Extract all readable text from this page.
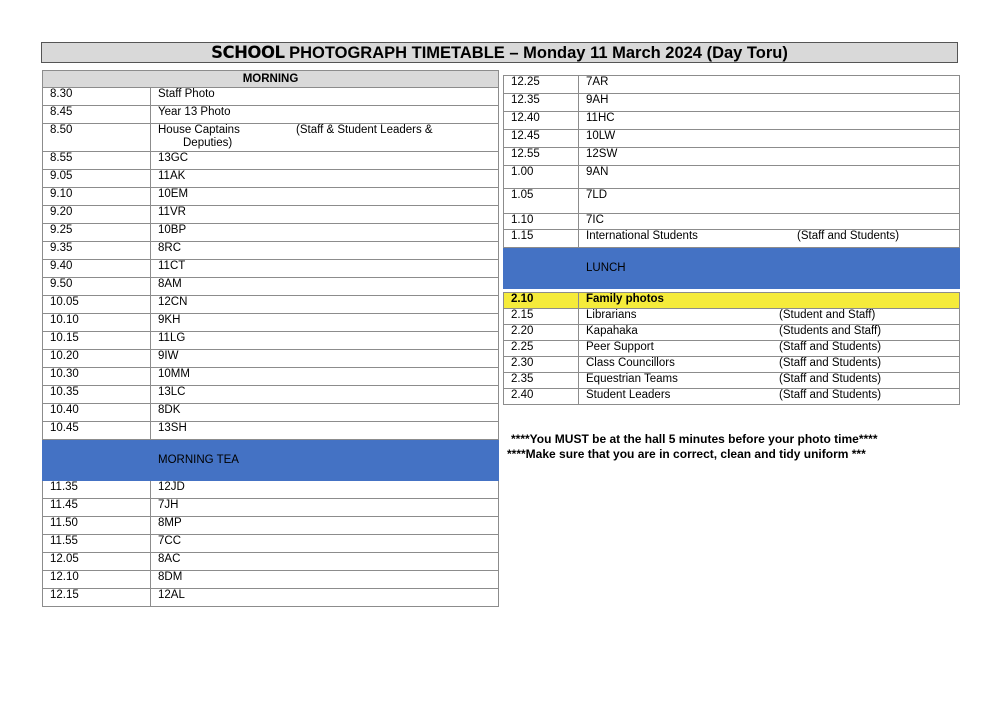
SCHOOL PHOTOGRAPH TIMETABLE – Monday 11 March 2024 (Day Toru)
MORNING	
8.30	Staff Photo
8.45	Year 13 Photo
8.50	House Captains (Staff & Student Leaders &
Deputies)

8.55	13GC
9.05	11AK
9.10	10EM
9.20	11VR
9.25	10BP
9.35	8RC
9.40	11CT
9.50	8AM
10.05	12CN
10.10	9KH
10.15	11LG
10.20	9IW
10.30	10MM
10.35	13LC
10.40	8DK
10.45	13SH
	MORNING TEA
11.35	12JD
11.45	7JH
11.50	8MP
11.55	7CC
12.05	8AC
12.10	8DM
12.15	12AL
12.25	7AR
12.35	9AH
12.40	11HC
12.45	10LW
12.55	12SW
1.00	9AN
1.05	7LD
1.10	7IC
1.15	International Students (Staff and Students)

	LUNCH

2.10	Family photos
2.15	Librarians (Student and Staff)

2.20	Kapahaka (Students and Staff)

2.25	Peer Support (Staff and Students)

2.30	Class Councillors (Staff and Students)

2.35	Equestrian Teams (Staff and Students)

2.40	Student Leaders (Staff and Students)
****You MUST be at the hall 5 minutes before your photo time****
****Make sure that you are in correct, clean and tidy uniform ***
